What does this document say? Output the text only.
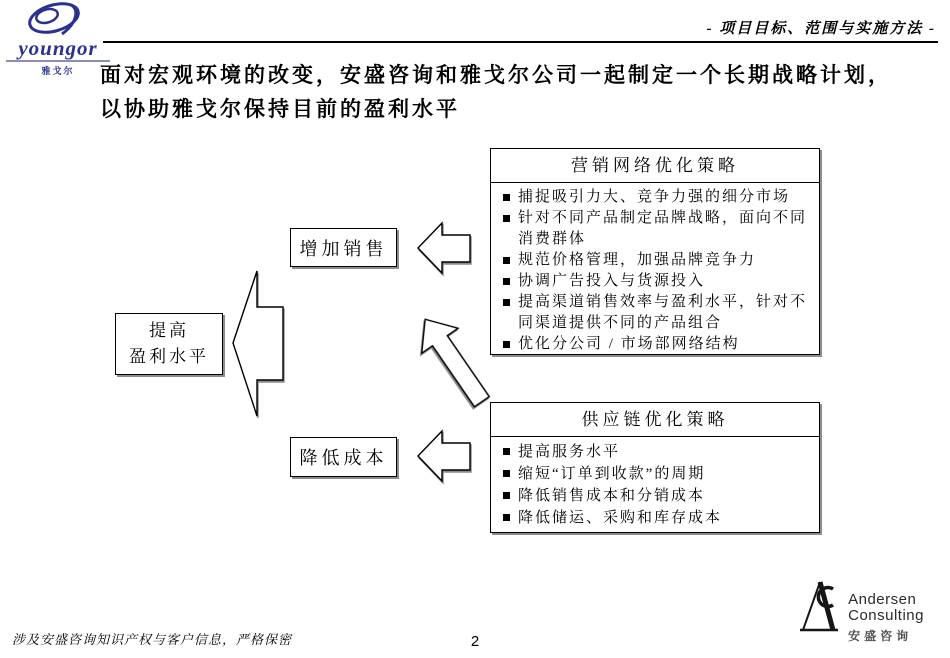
youngor
雅戈尔
- 项目目标、范围与实施方法 -
面对宏观环境的改变，安盛咨询和雅戈尔公司一起制定一个长期战略计划，
以协助雅戈尔保持目前的盈利水平
提高
盈利水平
增加销售
降低成本
营销网络优化策略
捕捉吸引力大、竞争力强的细分市场
针对不同产品制定品牌战略，面向不同消费群体
规范价格管理，加强品牌竞争力
协调广告投入与货源投入
提高渠道销售效率与盈利水平，针对不同渠道提供不同的产品组合
优化分公司 / 市场部网络结构
供应链优化策略
提高服务水平
缩短“订单到收款”的周期
降低销售成本和分销成本
降低储运、采购和库存成本
涉及安盛咨询知识产权与客户信息，严格保密	2
Andersen
Consulting
安盛咨询
